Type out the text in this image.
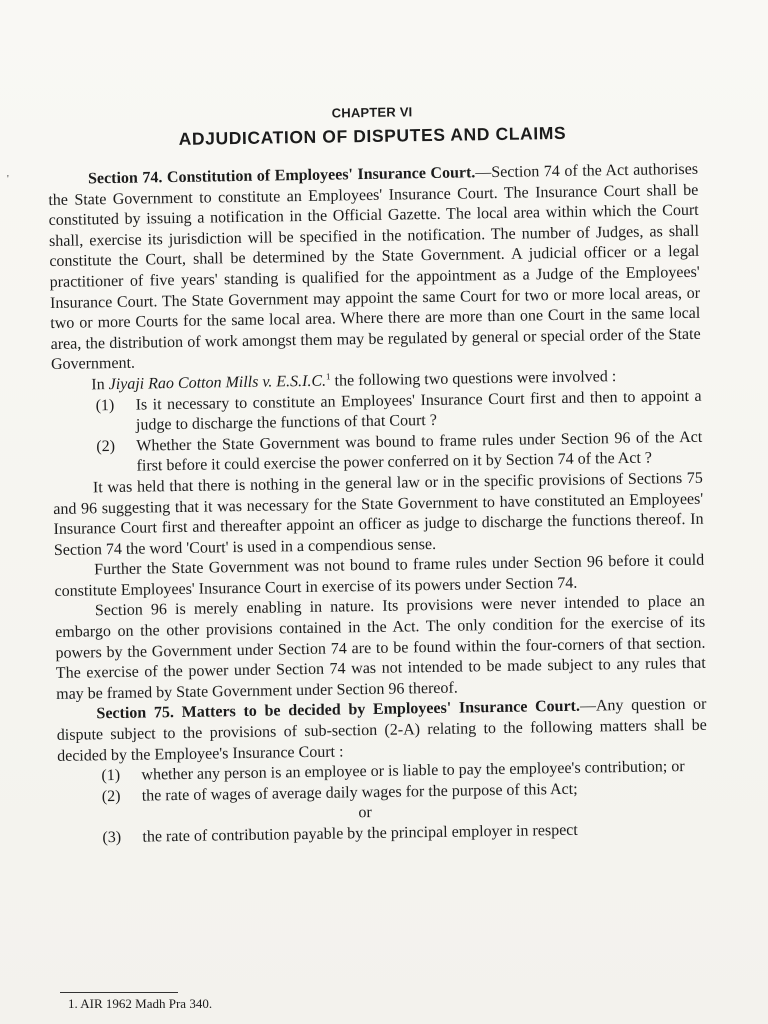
'
CHAPTER VI
ADJUDICATION OF DISPUTES AND CLAIMS

Section 74. Constitution of Employees' Insurance Court.—Section 74 of the Act authorises the State Government to constitute an Employees' Insurance Court. The Insurance Court shall be constituted by issuing a notification in the Official Gazette. The local area within which the Court shall, exercise its jurisdiction will be specified in the notification. The number of Judges, as shall constitute the Court, shall be determined by the State Government. A judicial officer or a legal practitioner of five years' standing is qualified for the appointment as a Judge of the Employees' Insurance Court. The State Government may appoint the same Court for two or more local areas, or two or more Courts for the same local area. Where there are more than one Court in the same local area, the distribution of work amongst them may be regulated by general or special order of the State Government.

In Jiyaji Rao Cotton Mills v. E.S.I.C.$^1$ the following two questions were involved :

(1) Is it necessary to constitute an Employees' Insurance Court first and then to appoint a judge to discharge the functions of that Court ?
(2) Whether the State Government was bound to frame rules under Section 96 of the Act first before it could exercise the power conferred on it by Section 74 of the Act ?

It was held that there is nothing in the general law or in the specific provisions of Sections 75 and 96 suggesting that it was necessary for the State Government to have constituted an Employees' Insurance Court first and thereafter appoint an officer as judge to discharge the functions thereof. In Section 74 the word 'Court' is used in a compendious sense.

Further the State Government was not bound to frame rules under Section 96 before it could constitute Employees' Insurance Court in exercise of its powers under Section 74.

Section 96 is merely enabling in nature. Its provisions were never intended to place an embargo on the other provisions contained in the Act. The only condition for the exercise of its powers by the Government under Section 74 are to be found within the four-corners of that section. The exercise of the power under Section 74 was not intended to be made subject to any rules that may be framed by State Government under Section 96 thereof.

Section 75. Matters to be decided by Employees' Insurance Court.—Any question or dispute subject to the provisions of sub-section (2-A) relating to the following matters shall be decided by the Employee's Insurance Court :

(1) whether any person is an employee or is liable to pay the employee's contribution; or
(2) the rate of wages of average daily wages for the purpose of this Act;
or
(3) the rate of contribution payable by the principal employer in respect
1. AIR 1962 Madh Pra 340.
